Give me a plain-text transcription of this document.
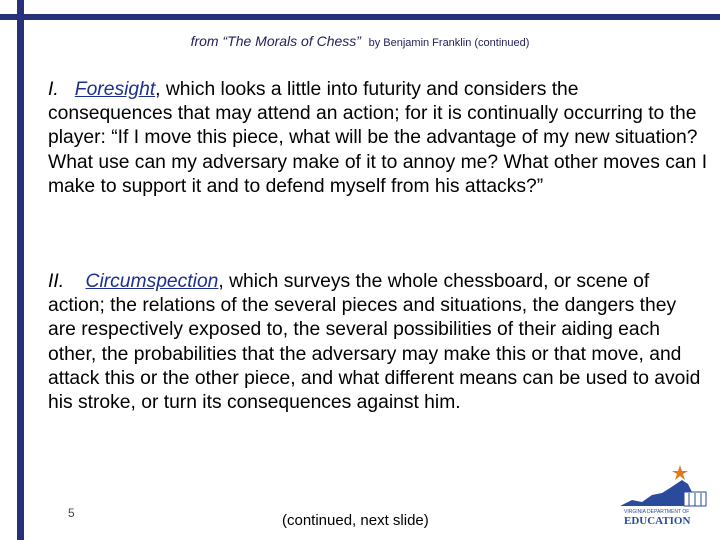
from “The Morals of Chess” by Benjamin Franklin (continued)
I. Foresight, which looks a little into futurity and considers the consequences that may attend an action; for it is continually occurring to the player: “If I move this piece, what will be the advantage of my new situation? What use can my adversary make of it to annoy me? What other moves can I make to support it and to defend myself from his attacks?”
II. Circumspection, which surveys the whole chessboard, or scene of action; the relations of the several pieces and situations, the dangers they are respectively exposed to, the several possibilities of their aiding each other, the probabilities that the adversary may make this or that move, and attack this or the other piece, and what different means can be used to avoid his stroke, or turn its consequences against him.
5	(continued, next slide)	VIRGINIA DEPARTMENT OF
EDUCATION
